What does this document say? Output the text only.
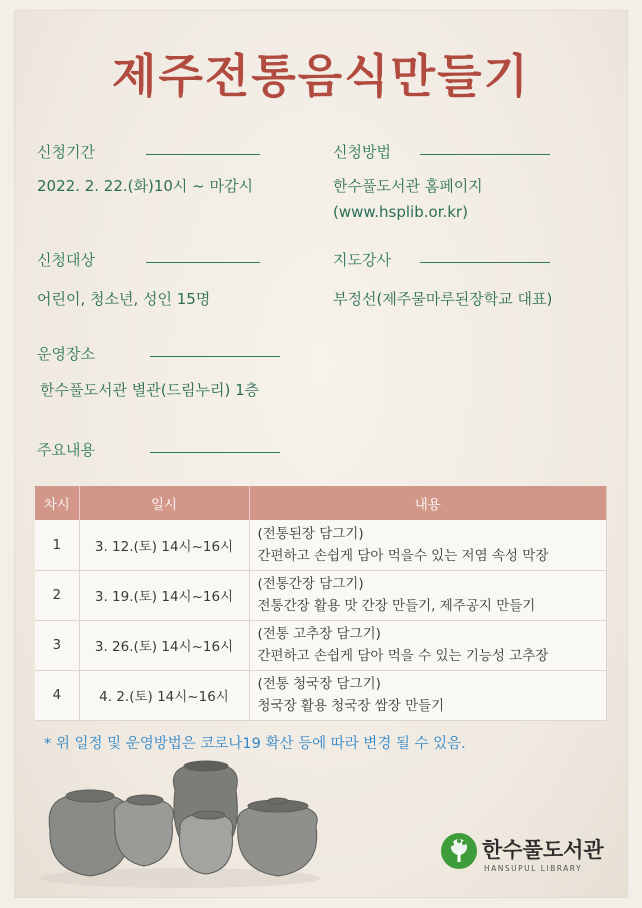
제주전통음식만들기
신청기간
2022. 2. 22.(화)10시 ~ 마감시
신청대상
어린이, 청소년, 성인 15명
운영장소
한수풀도서관 별관(드림누리) 1층
주요내용
신청방법
한수풀도서관 홈페이지
(www.hsplib.or.kr)
지도강사
부정선(제주물마루된장학교 대표)
차시	일시	내용
1	3. 12.(토) 14시~16시	(전통된장 담그기)
간편하고 손쉽게 담아 먹을수 있는 저염 속성 막장

2	3. 19.(토) 14시~16시	(전통간장 담그기)
전통간장 활용 맛 간장 만들기, 제주공지 만들기

3	3. 26.(토) 14시~16시	(전통 고추장 담그기)
간편하고 손쉽게 담아 먹을 수 있는 기능성 고추장

4	4. 2.(토) 14시~16시	(전통 청국장 담그기)
청국장 활용 청국장 쌈장 만들기
* 위 일정 및 운영방법은 코로나19 확산 등에 따라 변경 될 수 있음.
한수풀도서관
HANSUPUL LIBRARY
